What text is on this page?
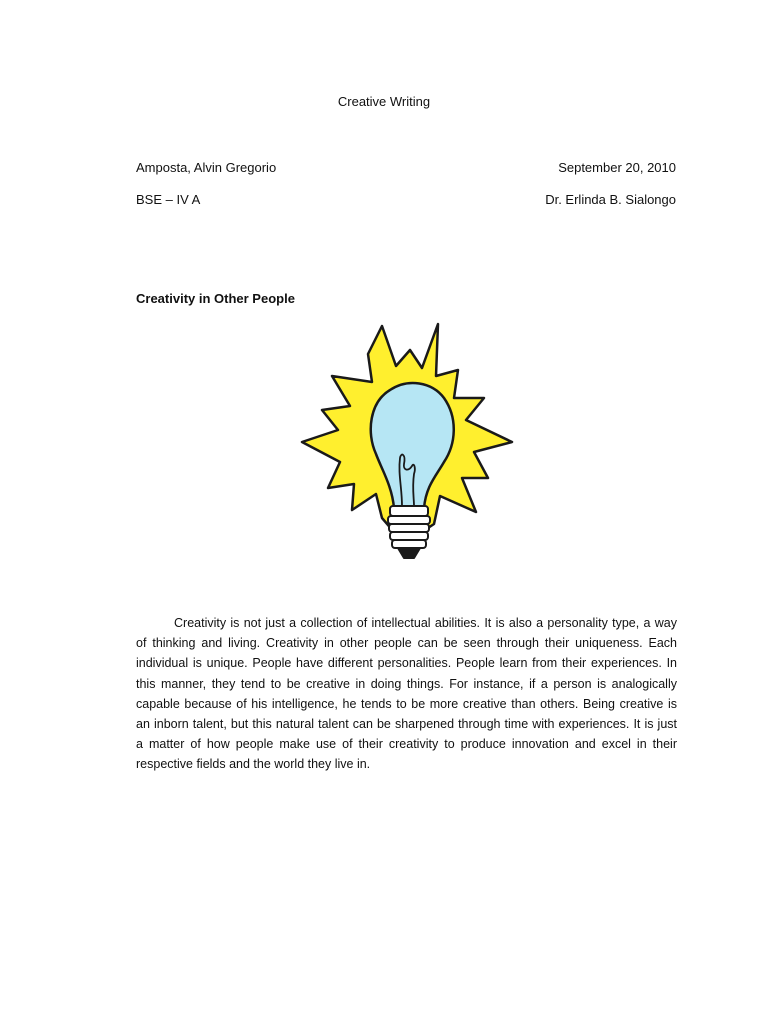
Creative Writing
Amposta, Alvin Gregorio	September 20, 2010
BSE – IV A	Dr. Erlinda B. Sialongo
Creativity in Other People

Creativity is not just a collection of intellectual abilities. It is also a personality type, a way of thinking and living. Creativity in other people can be seen through their uniqueness. Each individual is unique. People have different personalities. People learn from their experiences. In this manner, they tend to be creative in doing things. For instance, if a person is analogically capable because of his intelligence, he tends to be more creative than others. Being creative is an inborn talent, but this natural talent can be sharpened through time with experiences. It is just a matter of how people make use of their creativity to produce innovation and excel in their respective fields and the world they live in.
